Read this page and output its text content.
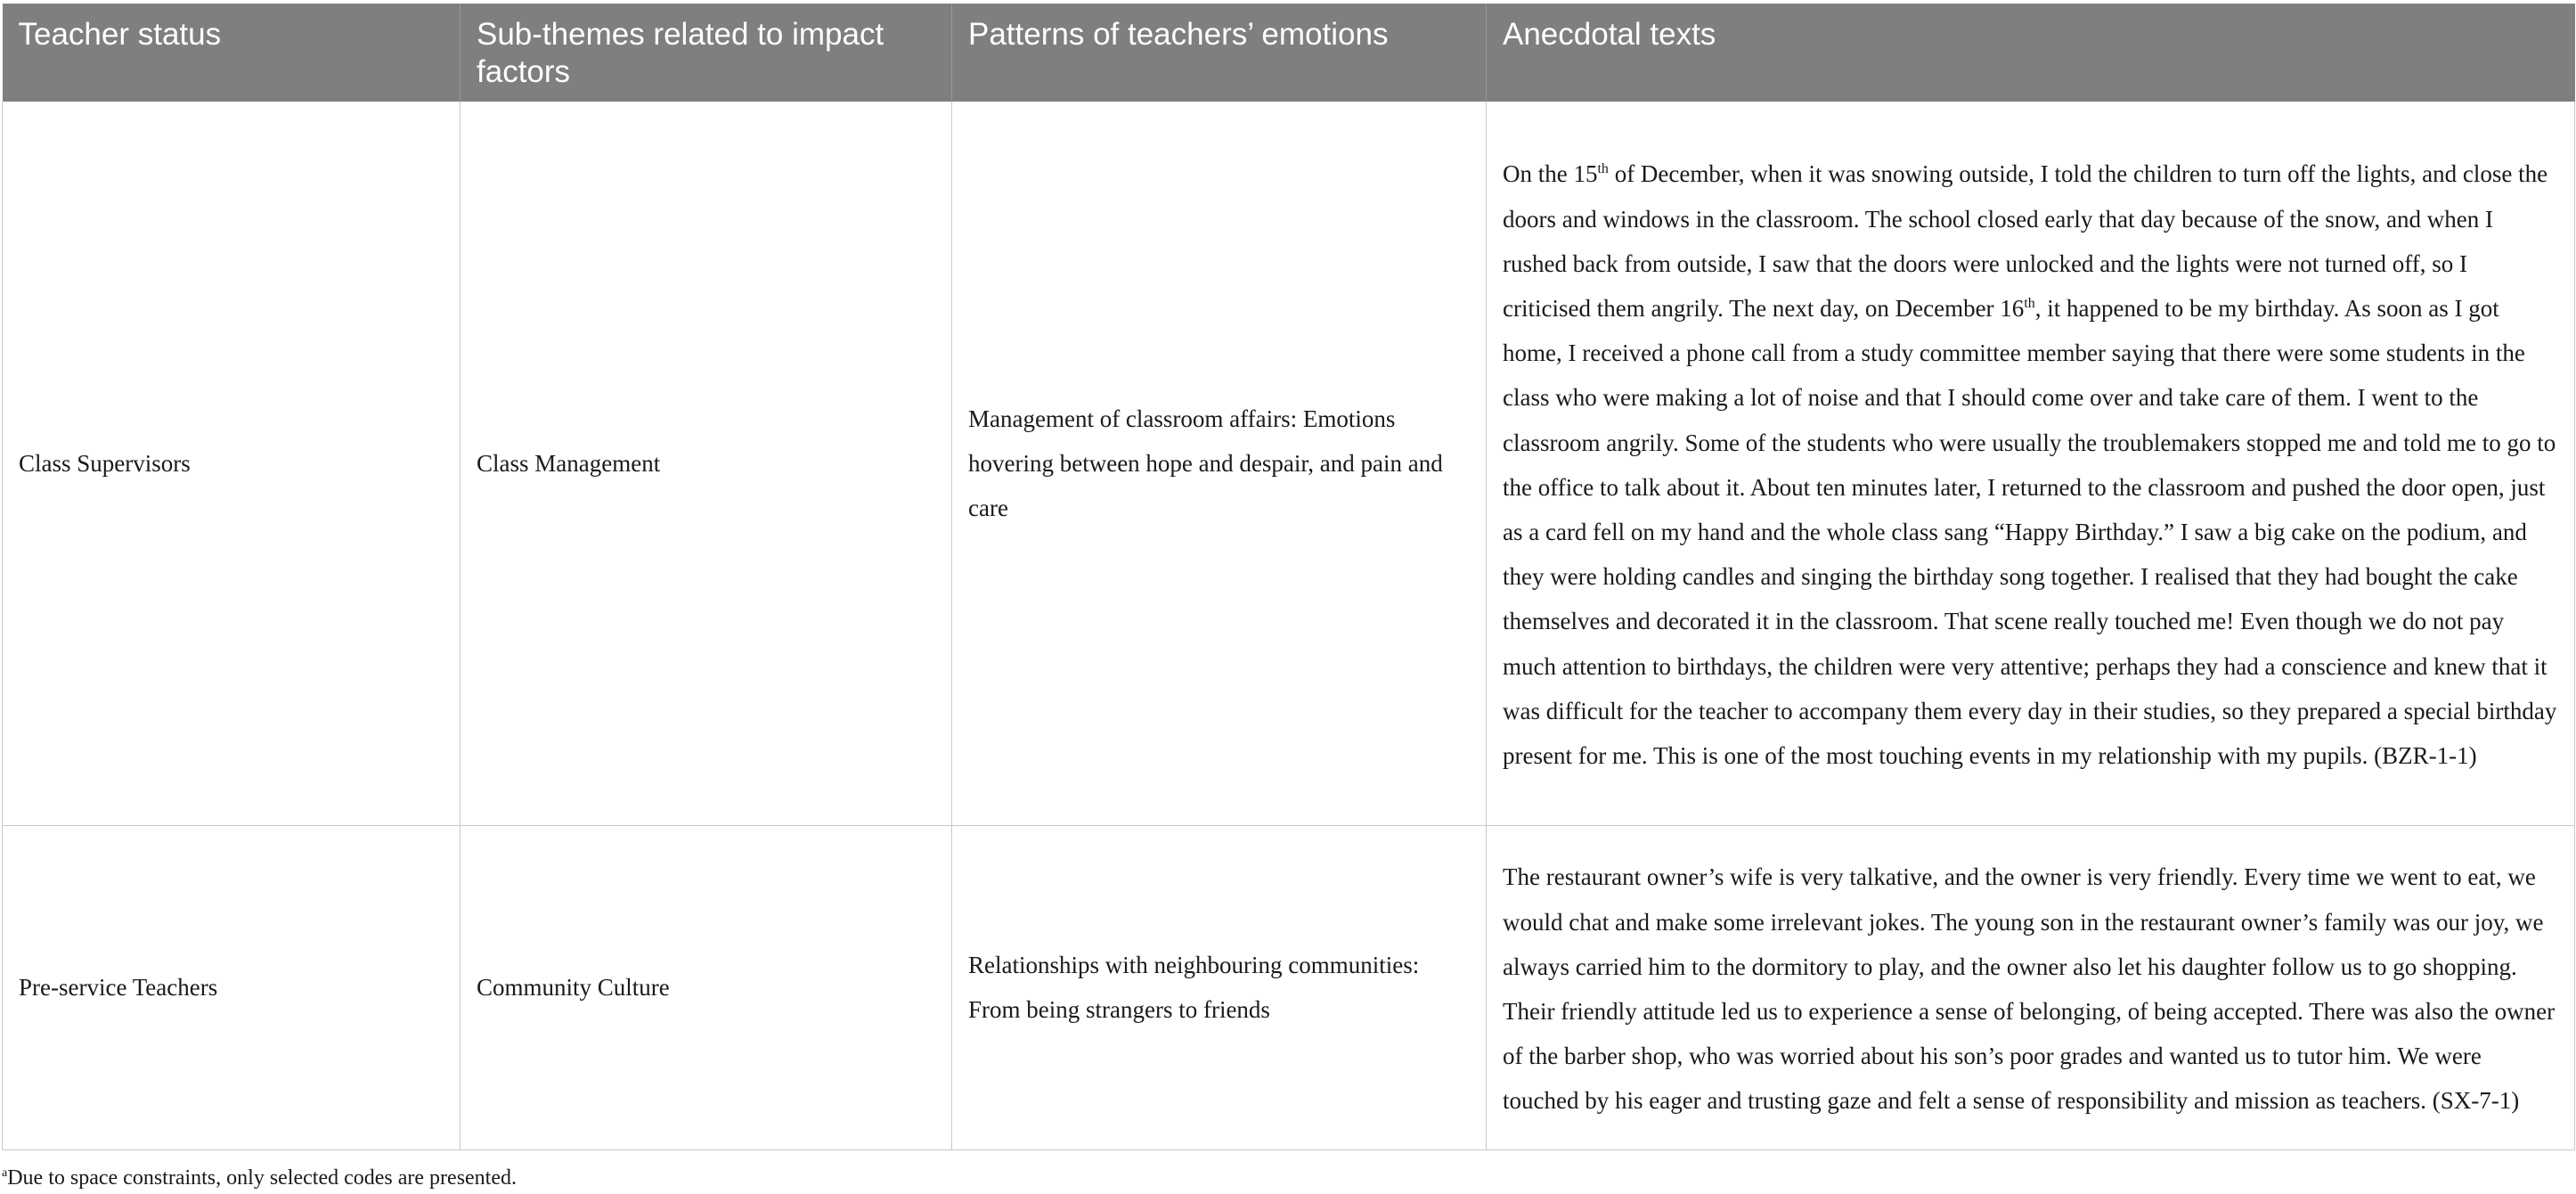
Teacher status	Sub-themes related to impact factors	Patterns of teachers’ emotions	Anecdotal texts
Class Supervisors	Class Management	Management of classroom affairs: Emotions hovering between hope and despair, and pain and care	On the 15th of December, when it was snowing outside, I told the children to turn off the lights, and close the doors and windows in the classroom. The school closed early that day because of the snow, and when I rushed back from outside, I saw that the doors were unlocked and the lights were not turned off, so I criticised them angrily. The next day, on December 16th, it happened to be my birthday. As soon as I got home, I received a phone call from a study committee member saying that there were some students in the class who were making a lot of noise and that I should come over and take care of them. I went to the classroom angrily. Some of the students who were usually the troublemakers stopped me and told me to go to the office to talk about it. About ten minutes later, I returned to the classroom and pushed the door open, just as a card fell on my hand and the whole class sang “Happy Birthday.” I saw a big cake on the podium, and they were holding candles and singing the birthday song together. I realised that they had bought the cake themselves and decorated it in the classroom. That scene really touched me! Even though we do not pay much attention to birthdays, the children were very attentive; perhaps they had a conscience and knew that it was difficult for the teacher to accompany them every day in their studies, so they prepared a special birthday present for me. This is one of the most touching events in my relationship with my pupils. (BZR-1-1)
Pre-service Teachers	Community Culture	Relationships with neighbouring communities: From being strangers to friends	The restaurant owner’s wife is very talkative, and the owner is very friendly. Every time we went to eat, we would chat and make some irrelevant jokes. The young son in the restaurant owner’s family was our joy, we always carried him to the dormitory to play, and the owner also let his daughter follow us to go shopping. Their friendly attitude led us to experience a sense of belonging, of being accepted. There was also the owner of the barber shop, who was worried about his son’s poor grades and wanted us to tutor him. We were touched by his eager and trusting gaze and felt a sense of responsibility and mission as teachers. (SX-7-1)
$^a$Due to space constraints, only selected codes are presented.
